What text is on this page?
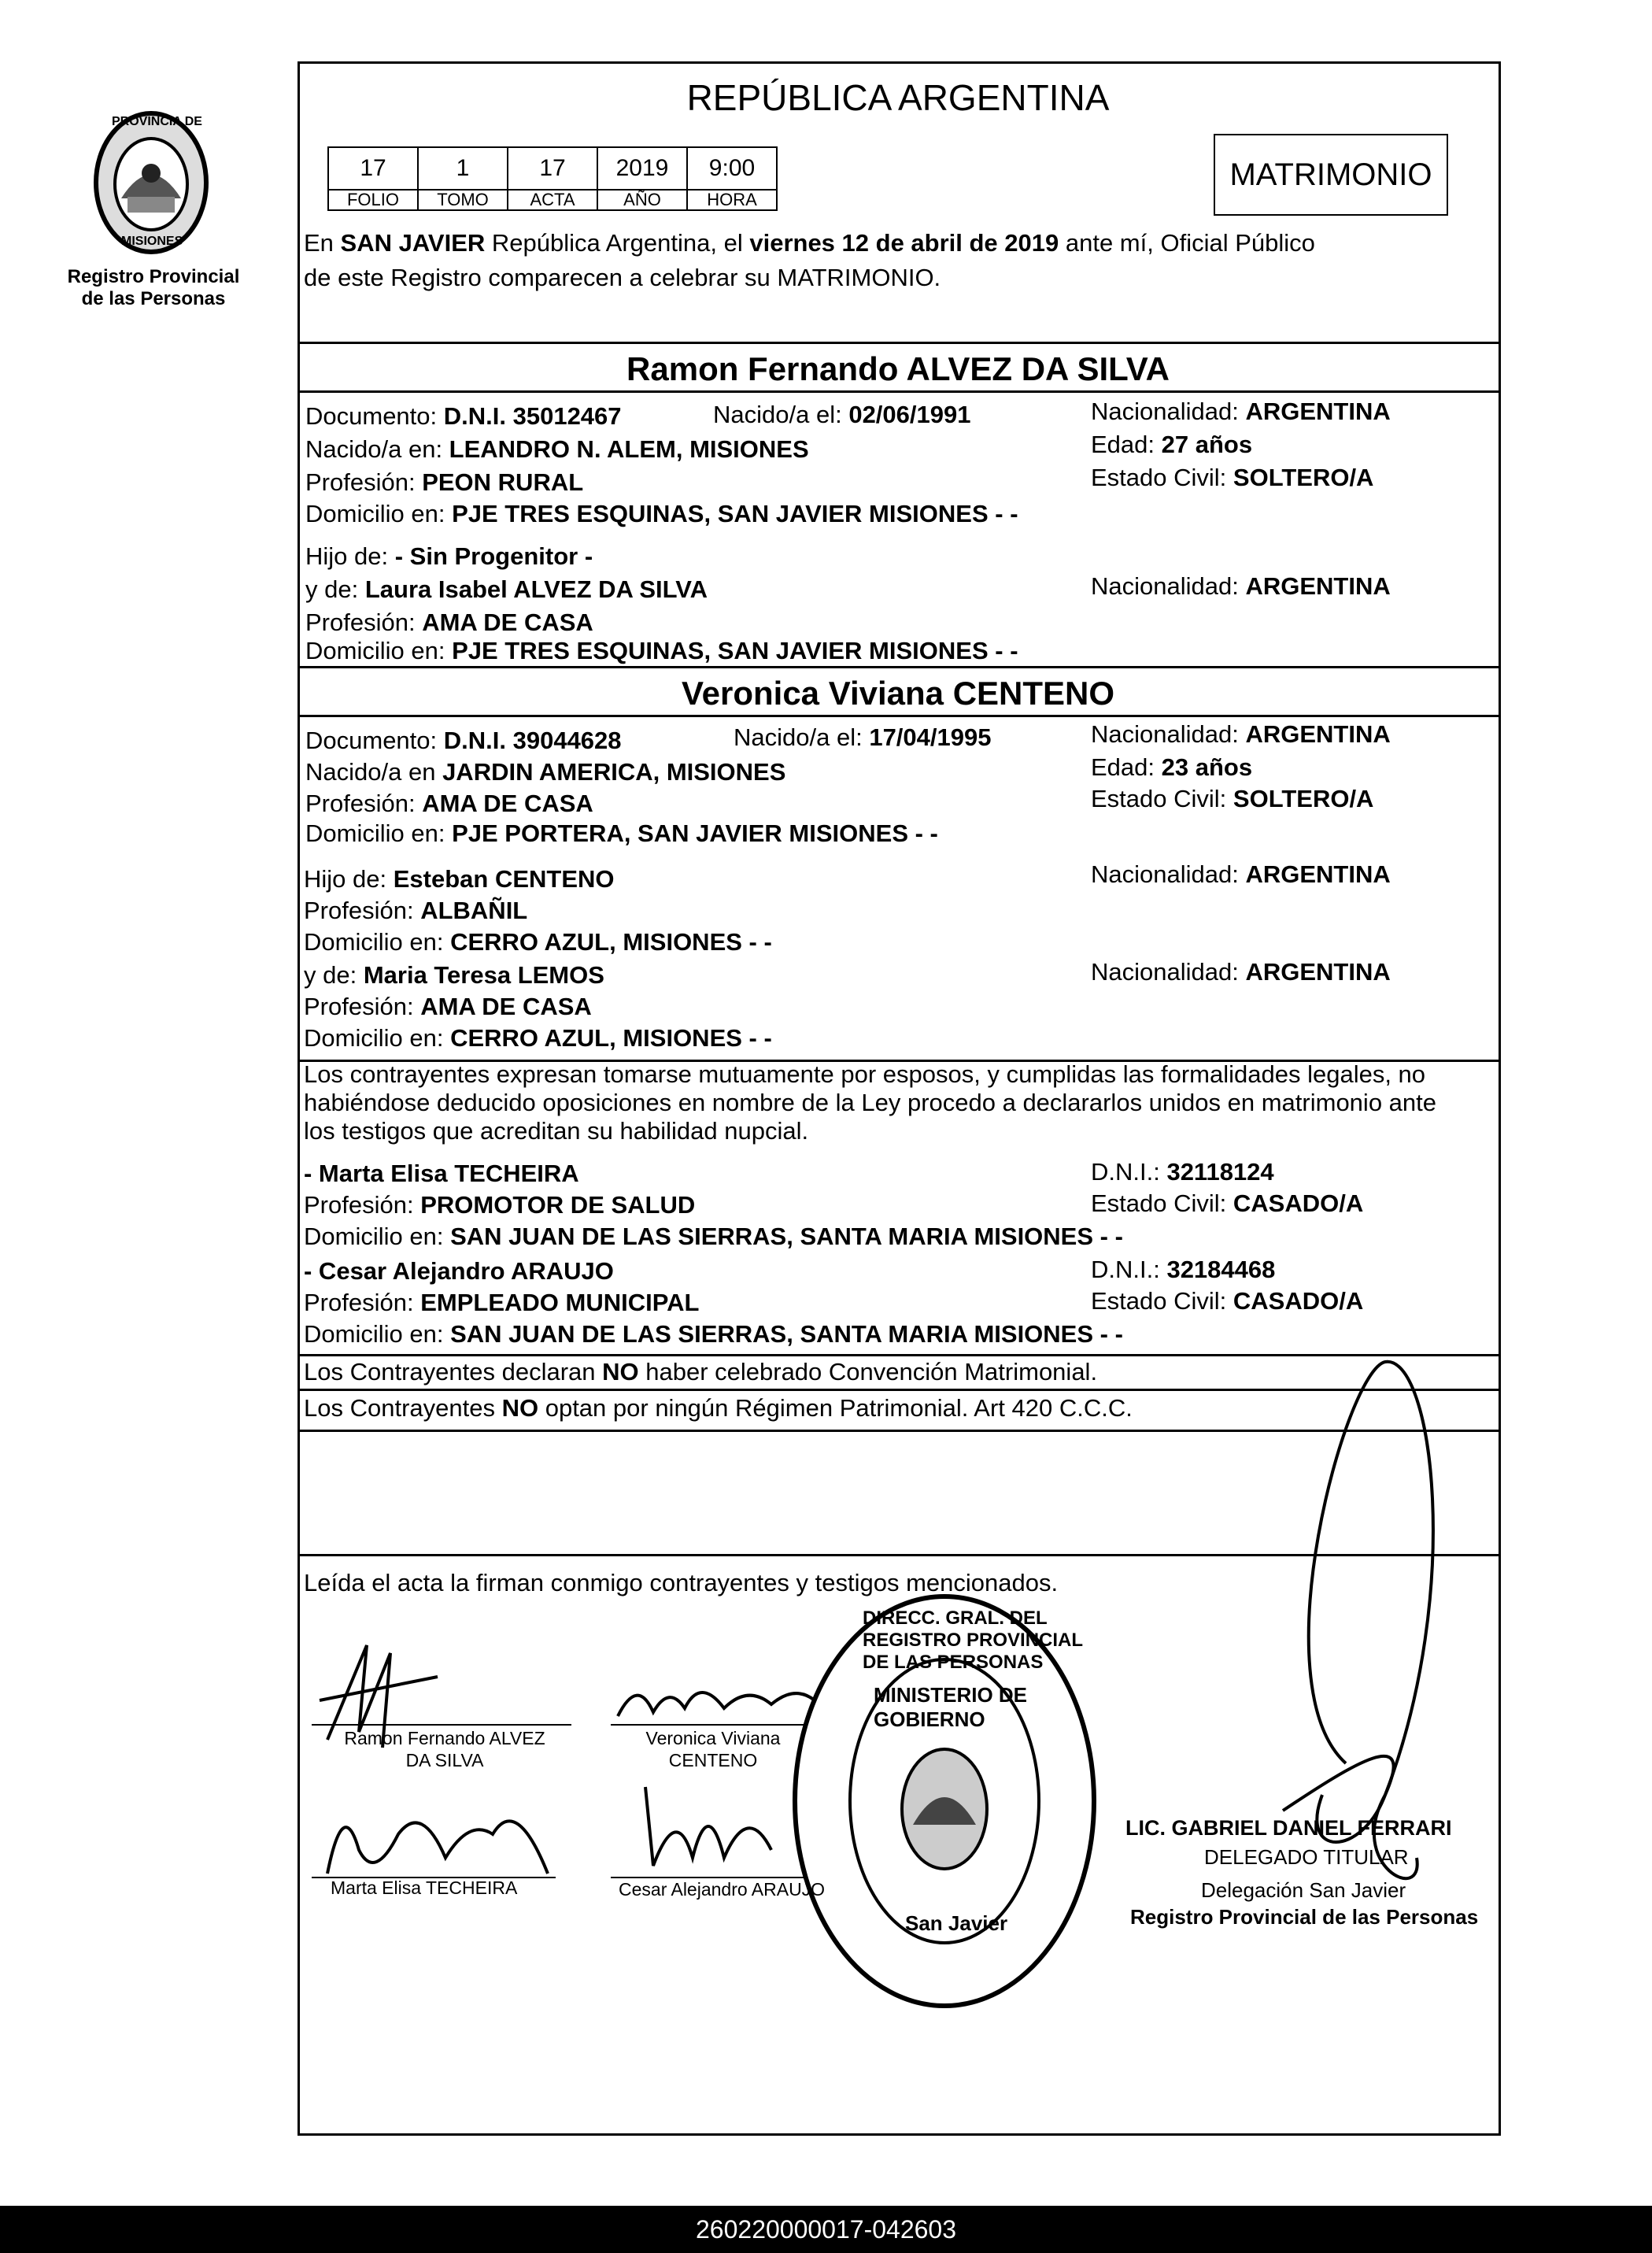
PROVINCIA DE
MISIONES
Registro Provincial
de las Personas
REPÚBLICA ARGENTINA
17	1	17	2019	9:00
FOLIO	TOMO	ACTA	AÑO	HORA
MATRIMONIO
En SAN JAVIER República Argentina, el viernes 12 de abril de 2019 ante mí, Oficial Público
de este Registro comparecen a celebrar su MATRIMONIO.
Ramon Fernando ALVEZ DA SILVA
Documento: D.N.I. 35012467	Nacido/a el: 02/06/1991	Nacionalidad: ARGENTINA
Nacido/a en: LEANDRO N. ALEM, MISIONES	Edad: 27 años
Profesión: PEON RURAL	Estado Civil: SOLTERO/A
Domicilio en: PJE TRES ESQUINAS, SAN JAVIER MISIONES - -
Hijo de: - Sin Progenitor -
y de: Laura Isabel ALVEZ DA SILVA	Nacionalidad: ARGENTINA
Profesión: AMA DE CASA
Domicilio en: PJE TRES ESQUINAS, SAN JAVIER MISIONES - -
Veronica Viviana CENTENO
Documento: D.N.I. 39044628	Nacido/a el: 17/04/1995	Nacionalidad: ARGENTINA
Nacido/a en JARDIN AMERICA, MISIONES	Edad: 23 años
Profesión: AMA DE CASA	Estado Civil: SOLTERO/A
Domicilio en: PJE PORTERA, SAN JAVIER MISIONES - -
Hijo de: Esteban CENTENO	Nacionalidad: ARGENTINA
Profesión: ALBAÑIL
Domicilio en: CERRO AZUL, MISIONES - -
y de: Maria Teresa LEMOS	Nacionalidad: ARGENTINA
Profesión: AMA DE CASA
Domicilio en: CERRO AZUL, MISIONES - -
Los contrayentes expresan tomarse mutuamente por esposos, y cumplidas las formalidades legales, no
habiéndose deducido oposiciones en nombre de la Ley procedo a declararlos unidos en matrimonio ante
los testigos que acreditan su habilidad nupcial.
- Marta Elisa TECHEIRA	D.N.I.: 32118124
Profesión: PROMOTOR DE SALUD	Estado Civil: CASADO/A
Domicilio en: SAN JUAN DE LAS SIERRAS, SANTA MARIA MISIONES - -
- Cesar Alejandro ARAUJO	D.N.I.: 32184468
Profesión: EMPLEADO MUNICIPAL	Estado Civil: CASADO/A
Domicilio en: SAN JUAN DE LAS SIERRAS, SANTA MARIA MISIONES - -
Los Contrayentes declaran NO haber celebrado Convención Matrimonial.
Los Contrayentes NO optan por ningún Régimen Patrimonial. Art 420 C.C.C.
Leída el acta la firman conmigo contrayentes y testigos mencionados.
DIRECC. GRAL. DEL REGISTRO PROVINCIAL DE LAS PERSONAS
MINISTERIO DE GOBIERNO
San Javier
Ramon Fernando ALVEZ
DA SILVA
Veronica Viviana
CENTENO
Marta Elisa TECHEIRA	Cesar Alejandro ARAUJO
LIC. GABRIEL DANIEL FERRARI
DELEGADO TITULAR
Delegación San Javier
Registro Provincial de las Personas
260220000017-042603
